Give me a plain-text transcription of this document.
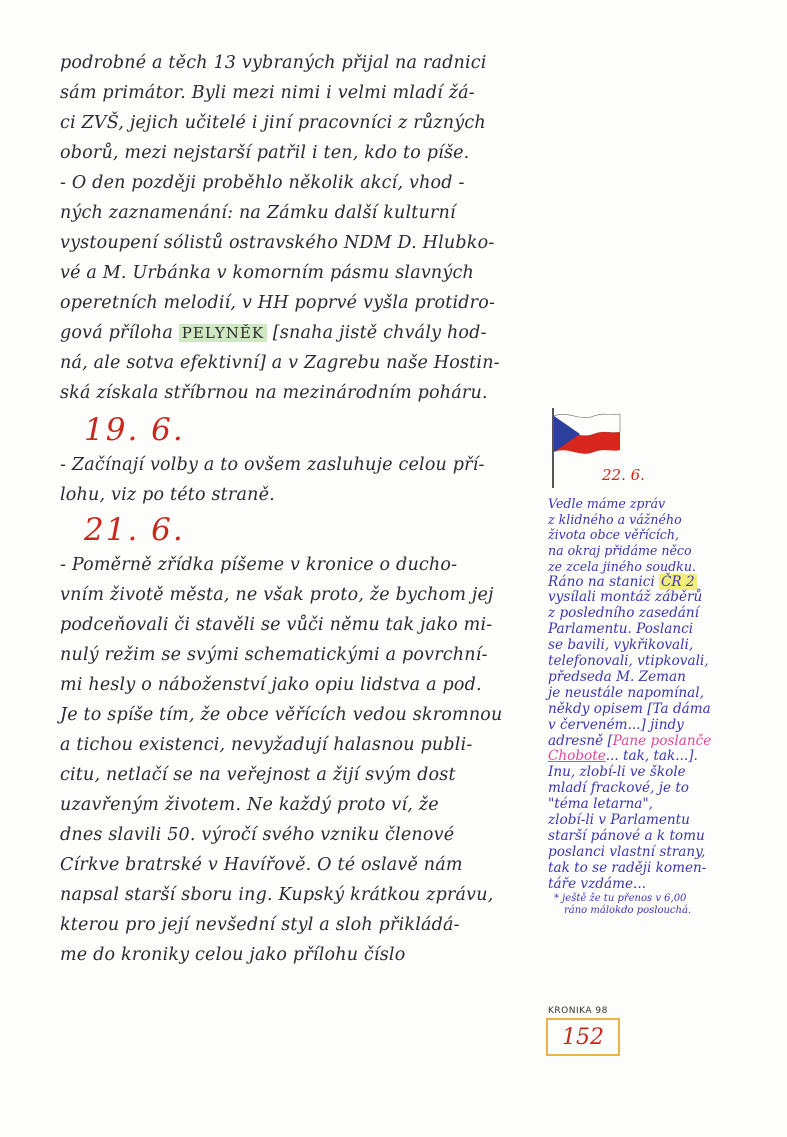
podrobné a těch 13 vybraných přijal na radnici
sám primátor. Byli mezi nimi i velmi mladí žá-
ci ZVŠ, jejich učitelé i jiní pracovníci z různých
oborů, mezi nejstarší patřil i ten, kdo to píše.
- O den později proběhlo několik akcí, vhod -
ných zaznamenání: na Zámku další kulturní
vystoupení sólistů ostravského NDM D. Hlubko-
vé a M. Urbánka v komorním pásmu slavných
operetních melodií, v HH poprvé vyšla protidro-
gová příloha PELYNĚK [snaha jistě chvály hod-
ná, ale sotva efektivní] a v Zagrebu naše Hostin-
ská získala stříbrnou na mezinárodním poháru.
19. 6.
- Začínají volby a to ovšem zasluhuje celou pří-
lohu, viz po této straně.
21. 6.
- Poměrně zřídka píšeme v kronice o ducho-
vním životě města, ne však proto, že bychom jej
podceňovali či stavěli se vůči němu tak jako mi-
nulý režim se svými schematickými a povrchní-
mi hesly o náboženství jako opiu lidstva a pod.
Je to spíše tím, že obce věřících vedou skromnou
a tichou existenci, nevyžadují halasnou publi-
citu, netlačí se na veřejnost a žijí svým dost
uzavřeným životem. Ne každý proto ví, že
dnes slavili 50. výročí svého vzniku členové
Církve bratrské v Havířově. O té oslavě nám
napsal starší sboru ing. Kupský krátkou zprávu,
kterou pro její nevšední styl a sloh přikládá-
me do kroniky celou jako přílohu číslo
22. 6.
Vedle máme zpráv
z klidného a vážného
života obce věřících,
na okraj přidáme něco
ze zcela jiného soudku.
Ráno na stanici ČR 2
vysílali montáž záběrů
z posledního zasedání
Parlamentu. Poslanci
se bavili, vykřikovali,
telefonovali, vtipkovali,
předseda M. Zeman
je neustále napomínal,
někdy opisem [Ta dáma
v červeném...] jindy
adresně [Pane poslanče
Chobote... tak, tak...].
Inu, zlobí-li ve škole
mladí frackové, je to
"téma letarna",
zlobí-li v Parlamentu
starší pánové a k tomu
poslanci vlastní strany,
tak to se raději komen-
táře vzdáme...
* ještě že tu přenos v 6,00
ráno málokdo poslouchá.
KRONIKA 98
152
